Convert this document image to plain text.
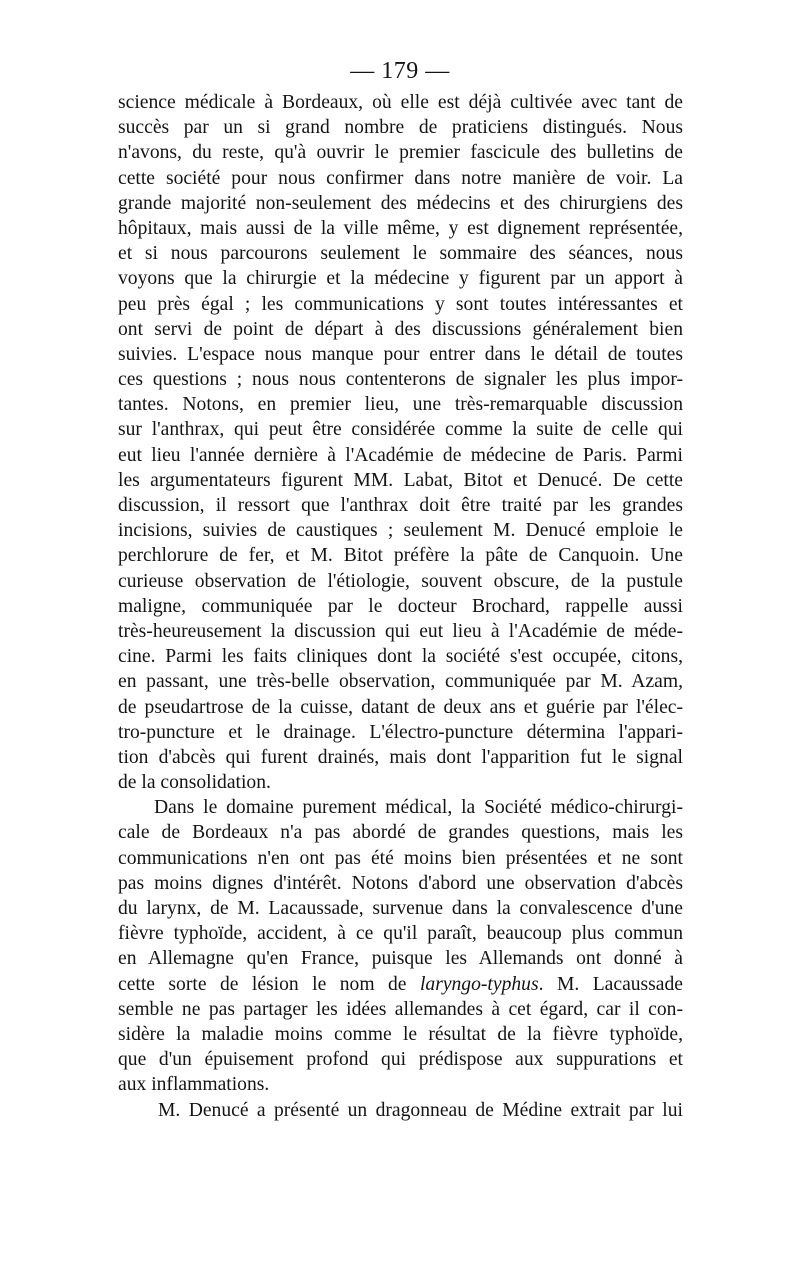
— 179 —
science médicale à Bordeaux, où elle est déjà cultivée avec tant de
succès par un si grand nombre de praticiens distingués. Nous
n'avons, du reste, qu'à ouvrir le premier fascicule des bulletins de
cette société pour nous confirmer dans notre manière de voir. La
grande majorité non-seulement des médecins et des chirurgiens des
hôpitaux, mais aussi de la ville même, y est dignement représentée,
et si nous parcourons seulement le sommaire des séances, nous
voyons que la chirurgie et la médecine y figurent par un apport à
peu près égal ; les communications y sont toutes intéressantes et
ont servi de point de départ à des discussions généralement bien
suivies. L'espace nous manque pour entrer dans le détail de toutes
ces questions ; nous nous contenterons de signaler les plus impor-
tantes. Notons, en premier lieu, une très-remarquable discussion
sur l'anthrax, qui peut être considérée comme la suite de celle qui
eut lieu l'année dernière à l'Académie de médecine de Paris. Parmi
les argumentateurs figurent MM. Labat, Bitot et Denucé. De cette
discussion, il ressort que l'anthrax doit être traité par les grandes
incisions, suivies de caustiques ; seulement M. Denucé emploie le
perchlorure de fer, et M. Bitot préfère la pâte de Canquoin. Une
curieuse observation de l'étiologie, souvent obscure, de la pustule
maligne, communiquée par le docteur Brochard, rappelle aussi
très-heureusement la discussion qui eut lieu à l'Académie de méde-
cine. Parmi les faits cliniques dont la société s'est occupée, citons,
en passant, une très-belle observation, communiquée par M. Azam,
de pseudartrose de la cuisse, datant de deux ans et guérie par l'élec-
tro-puncture et le drainage. L'électro-puncture détermina l'appari-
tion d'abcès qui furent drainés, mais dont l'apparition fut le signal
de la consolidation.
Dans le domaine purement médical, la Société médico-chirurgi-
cale de Bordeaux n'a pas abordé de grandes questions, mais les
communications n'en ont pas été moins bien présentées et ne sont
pas moins dignes d'intérêt. Notons d'abord une observation d'abcès
du larynx, de M. Lacaussade, survenue dans la convalescence d'une
fièvre typhoïde, accident, à ce qu'il paraît, beaucoup plus commun
en Allemagne qu'en France, puisque les Allemands ont donné à
cette sorte de lésion le nom de laryngo-typhus. M. Lacaussade
semble ne pas partager les idées allemandes à cet égard, car il con-
sidère la maladie moins comme le résultat de la fièvre typhoïde,
que d'un épuisement profond qui prédispose aux suppurations et
aux inflammations.
M. Denucé a présenté un dragonneau de Médine extrait par lui
